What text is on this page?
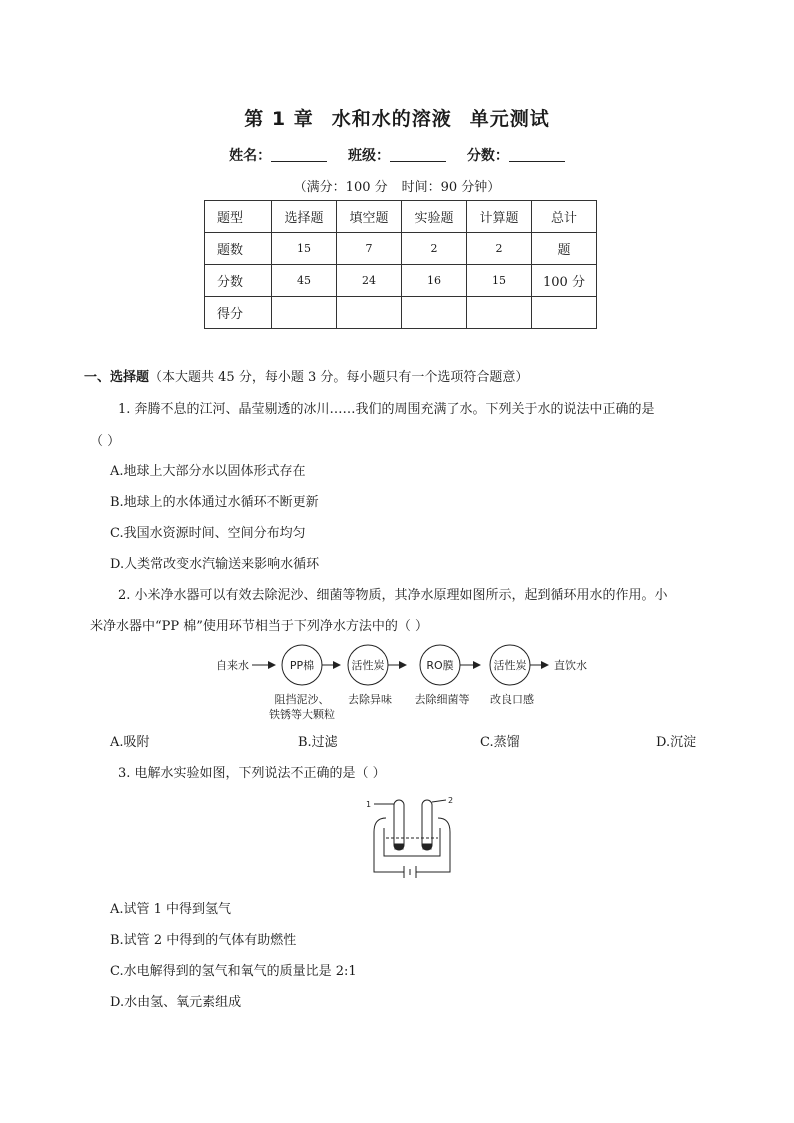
第 1 章 水和水的溶液 单元测试
姓名：	班级：	分数：
（满分：100 分 时间：90 分钟）
题型	选择题	填空题	实验题	计算题	总计
题数	15	7	2	2	题
分数	45	24	16	15	100 分
得分					
一、选择题（本大题共 45 分，每小题 3 分。每小题只有一个选项符合题意）
1. 奔腾不息的江河、晶莹剔透的冰川……我们的周围充满了水。下列关于水的说法中正确的是
（ ）
A.地球上大部分水以固体形式存在
B.地球上的水体通过水循环不断更新
C.我国水资源时间、空间分布均匀
D.人类常改变水汽输送来影响水循环
2. 小米净水器可以有效去除泥沙、细菌等物质，其净水原理如图所示，起到循环用水的作用。小
米净水器中“PP 棉”使用环节相当于下列净水方法中的（ ）
自来水	PP棉	活性炭	RO膜	活性炭	直饮水
阻挡泥沙、
铁锈等大颗粒
去除异味 去除细菌等 改良口感
A.吸附	B.过滤	C.蒸馏	D.沉淀
3. 电解水实验如图，下列说法不正确的是（ ）
1	2
A.试管 1 中得到氢气
B.试管 2 中得到的气体有助燃性
C.水电解得到的氢气和氧气的质量比是 2:1
D.水由氢、氧元素组成
